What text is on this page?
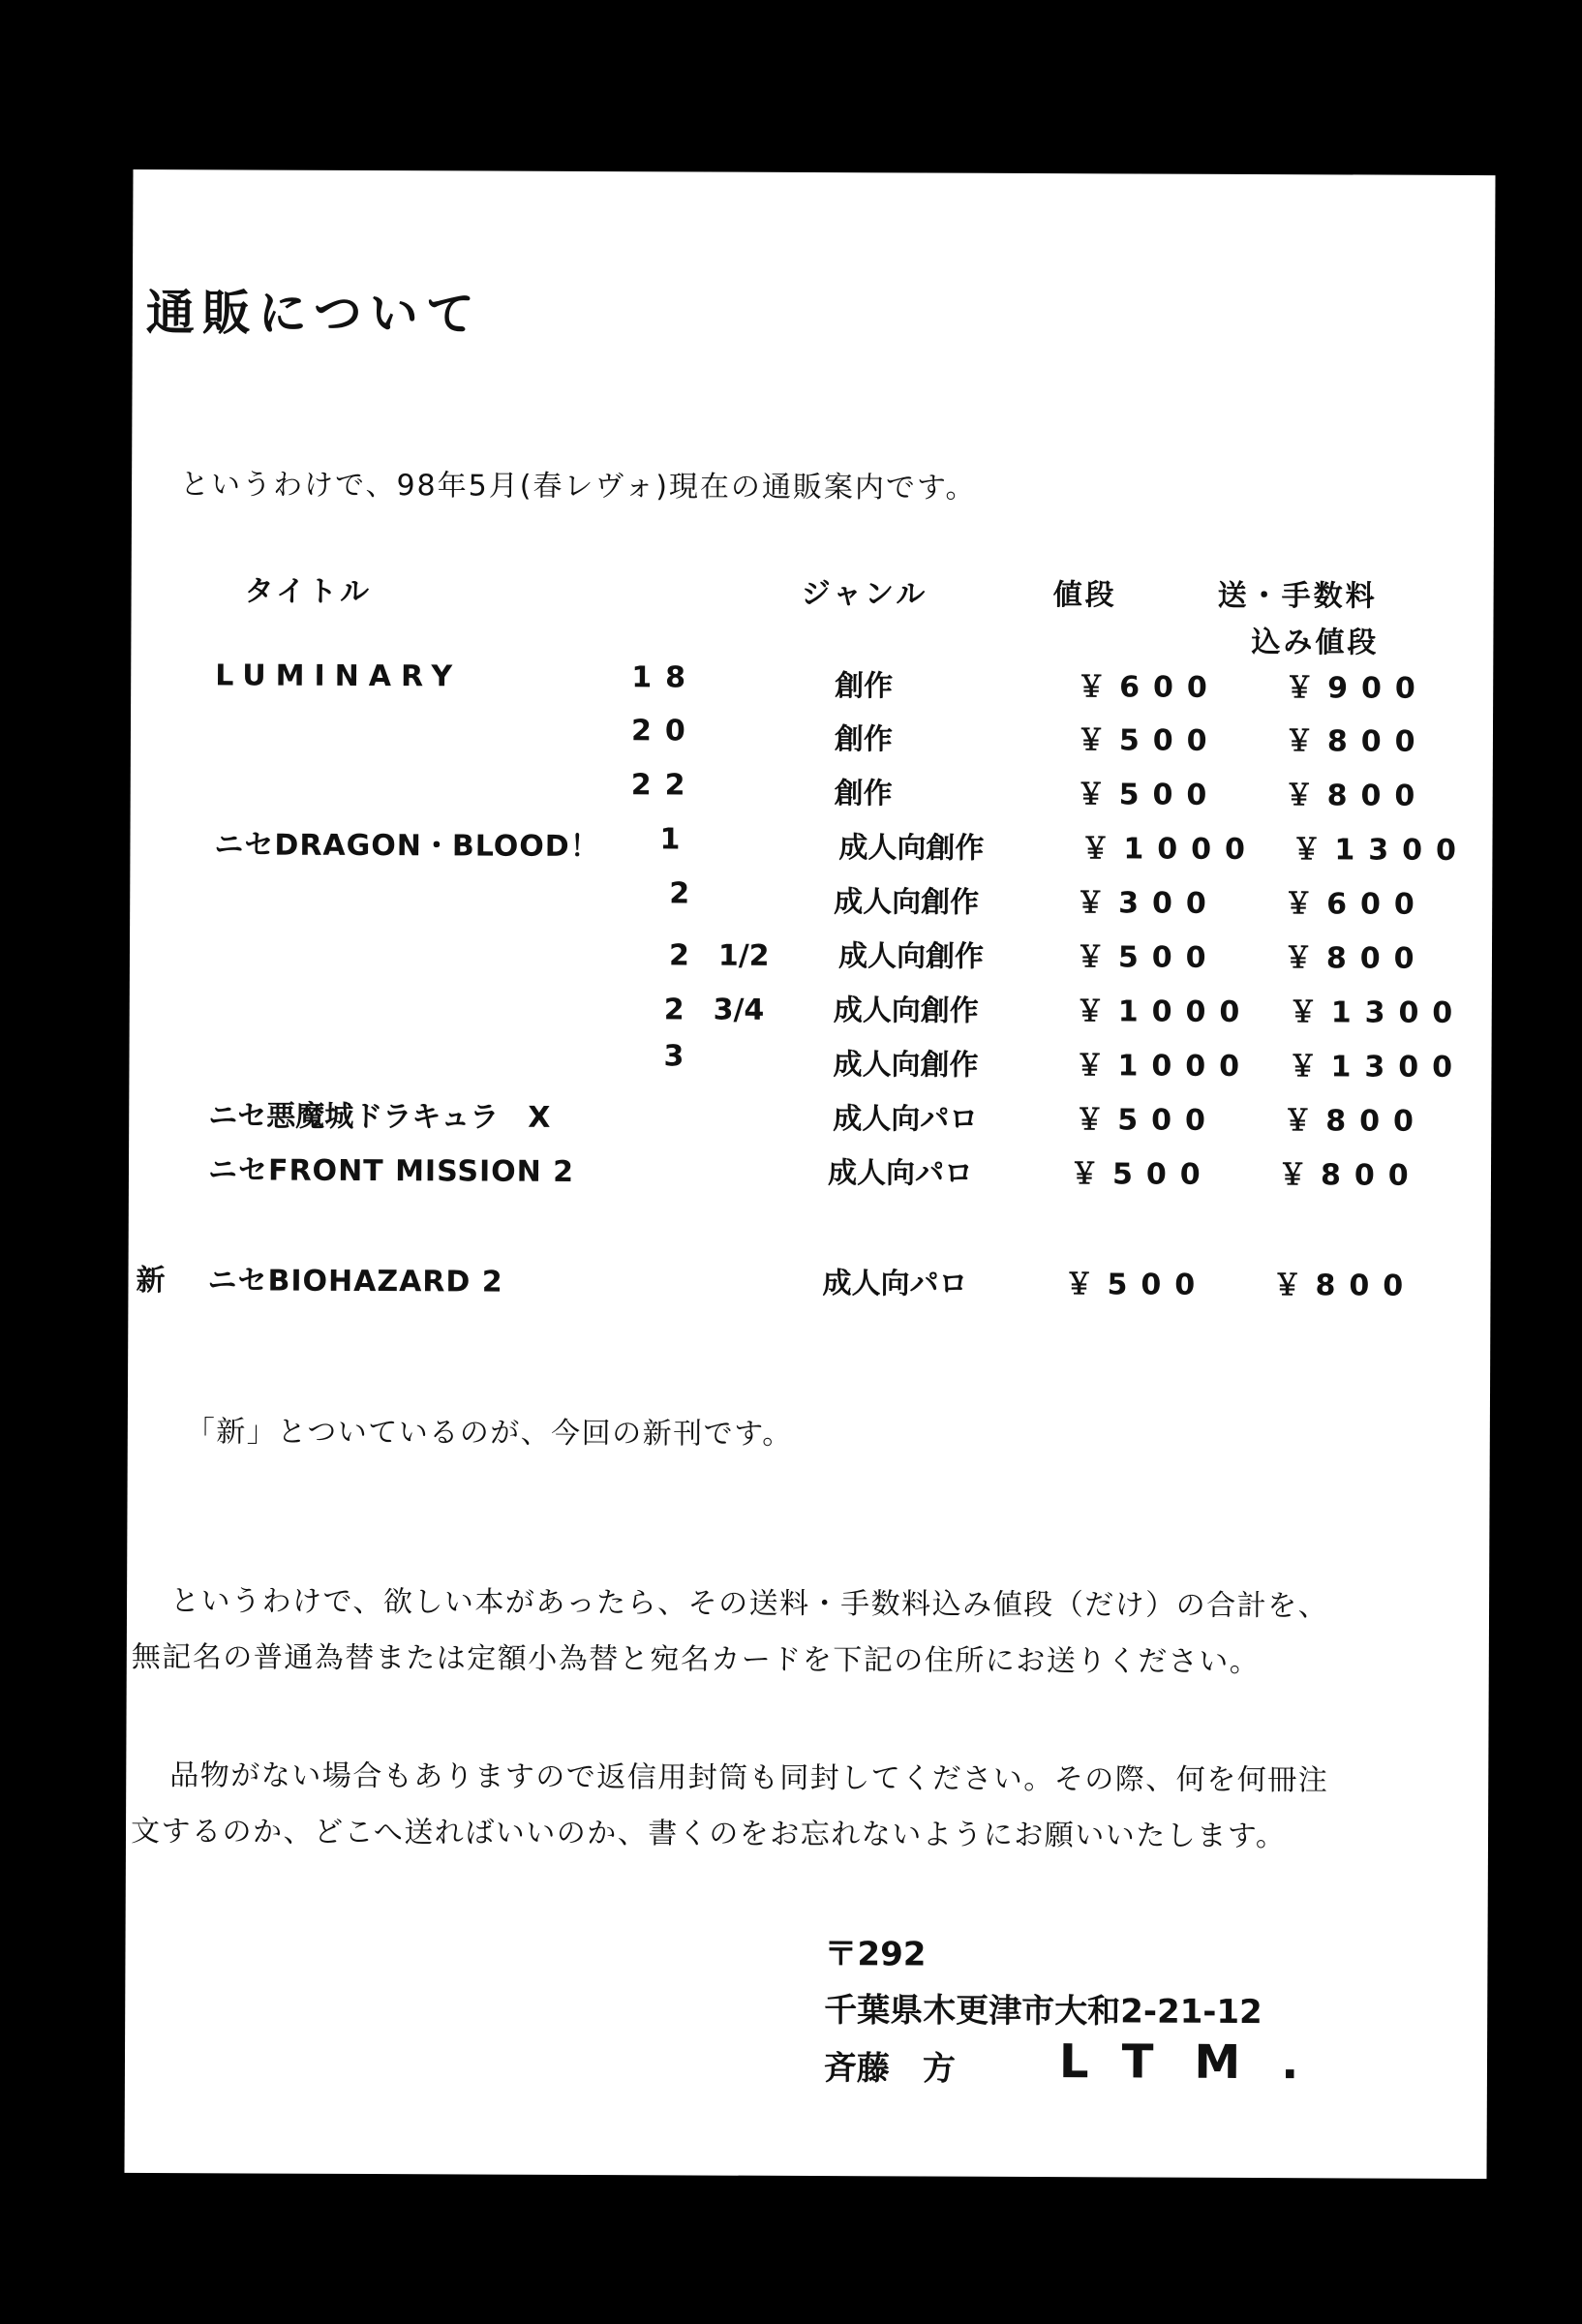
通販について
というわけで、98年5月(春レヴォ)現在の通販案内です。
タイトル	ジャンル	値段	送・手数料
込み値段
LUMINARY	18	創作	￥600 ￥900
20	創作	￥500 ￥800
22	創作	￥500 ￥800
ニセDRAGON・BLOOD！ 1	成人向創作	￥1000 ￥1300
2	成人向創作	￥300 ￥600
2　1/2 成人向創作	￥500 ￥800
2　3/4 成人向創作	￥1000 ￥1300
3	成人向創作	￥1000 ￥1300
ニセ悪魔城ドラキュラ　X	成人向パロ	￥500 ￥800
ニセFRONT MISSION 2	成人向パロ	￥500 ￥800
新 ニセBIOHAZARD 2	成人向パロ	￥500 ￥800
「新」とついているのが、今回の新刊です。
というわけで、欲しい本があったら、その送料・手数料込み値段（だけ）の合計を、
無記名の普通為替または定額小為替と宛名カードを下記の住所にお送りください。
品物がない場合もありますので返信用封筒も同封してください。その際、何を何冊注
文するのか、どこへ送ればいいのか、書くのをお忘れないようにお願いいたします。
〒292
千葉県木更津市大和2-21-12
斉藤　方 LTM.
